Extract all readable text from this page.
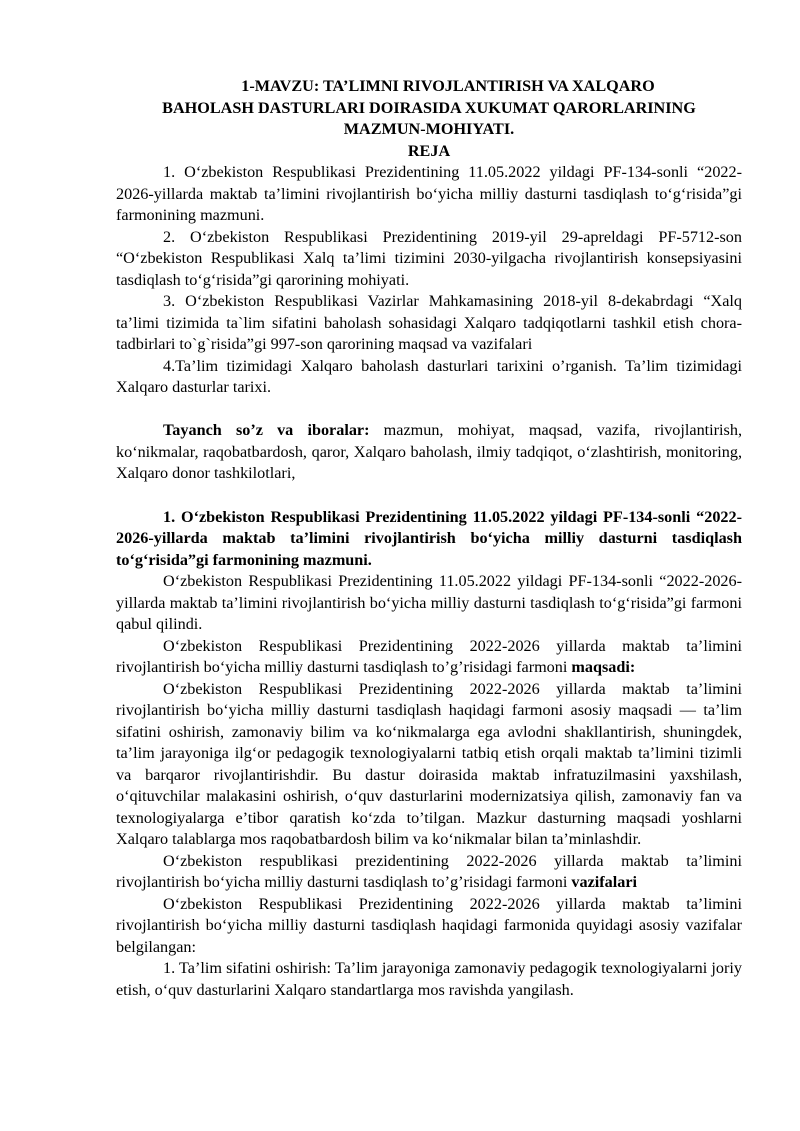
1-MAVZU: TA’LIMNI RIVOJLANTIRISH VA XALQARO
BAHOLASH DASTURLARI DOIRASIDA XUKUMAT QARORLARINING
MAZMUN-MOHIYATI.
REJA

1. O‘zbekiston Respublikasi Prezidentining 11.05.2022 yildagi PF-134-sonli “2022-2026-yillarda maktab ta’limini rivojlantirish bo‘yicha milliy dasturni tasdiqlash to‘g‘risida”gi farmonining mazmuni.

2. O‘zbekiston Respublikasi Prezidentining 2019-yil 29-apreldagi PF-5712-son “O‘zbekiston Respublikasi Xalq ta’limi tizimini 2030-yilgacha rivojlantirish konsepsiyasini tasdiqlash to‘g‘risida”gi qarorining mohiyati.

3. O‘zbekiston Respublikasi Vazirlar Mahkamasining 2018-yil 8-dekabrdagi “Xalq ta’limi tizimida ta`lim sifatini baholash sohasidagi Xalqaro tadqiqotlarni tashkil etish chora-tadbirlari to`g`risida”gi 997-son qarorining maqsad va vazifalari

4.Ta’lim tizimidagi Xalqaro baholash dasturlari tarixini o’rganish. Ta’lim tizimidagi Xalqaro dasturlar tarixi.

Tayanch so’z va iboralar: mazmun, mohiyat, maqsad, vazifa, rivojlantirish, ko‘nikmalar, raqobatbardosh, qaror, Xalqaro baholash, ilmiy tadqiqot, o‘zlashtirish, monitoring, Xalqaro donor tashkilotlari,

1. O‘zbekiston Respublikasi Prezidentining 11.05.2022 yildagi PF-134-sonli “2022-2026-yillarda maktab ta’limini rivojlantirish bo‘yicha milliy dasturni tasdiqlash to‘g‘risida”gi farmonining mazmuni.

O‘zbekiston Respublikasi Prezidentining 11.05.2022 yildagi PF-134-sonli “2022-2026-yillarda maktab ta’limini rivojlantirish bo‘yicha milliy dasturni tasdiqlash to‘g‘risida”gi farmoni qabul qilindi.

O‘zbekiston Respublikasi Prezidentining 2022-2026 yillarda maktab ta’limini rivojlantirish bo‘yicha milliy dasturni tasdiqlash to’g’risidagi farmoni maqsadi:

O‘zbekiston Respublikasi Prezidentining 2022-2026 yillarda maktab ta’limini rivojlantirish bo‘yicha milliy dasturni tasdiqlash haqidagi farmoni asosiy maqsadi — ta’lim sifatini oshirish, zamonaviy bilim va ko‘nikmalarga ega avlodni shakllantirish, shuningdek, ta’lim jarayoniga ilg‘or pedagogik texnologiyalarni tatbiq etish orqali maktab ta’limini tizimli va barqaror rivojlantirishdir. Bu dastur doirasida maktab infratuzilmasini yaxshilash, o‘qituvchilar malakasini oshirish, o‘quv dasturlarini modernizatsiya qilish, zamonaviy fan va texnologiyalarga e’tibor qaratish ko‘zda to’tilgan. Mazkur dasturning maqsadi yoshlarni Xalqaro talablarga mos raqobatbardosh bilim va ko‘nikmalar bilan ta’minlashdir.

O‘zbekiston respublikasi prezidentining 2022-2026 yillarda maktab ta’limini rivojlantirish bo‘yicha milliy dasturni tasdiqlash to’g’risidagi farmoni vazifalari

O‘zbekiston Respublikasi Prezidentining 2022-2026 yillarda maktab ta’limini rivojlantirish bo‘yicha milliy dasturni tasdiqlash haqidagi farmonida quyidagi asosiy vazifalar belgilangan:

1. Ta’lim sifatini oshirish: Ta’lim jarayoniga zamonaviy pedagogik texnologiyalarni joriy etish, o‘quv dasturlarini Xalqaro standartlarga mos ravishda yangilash.
